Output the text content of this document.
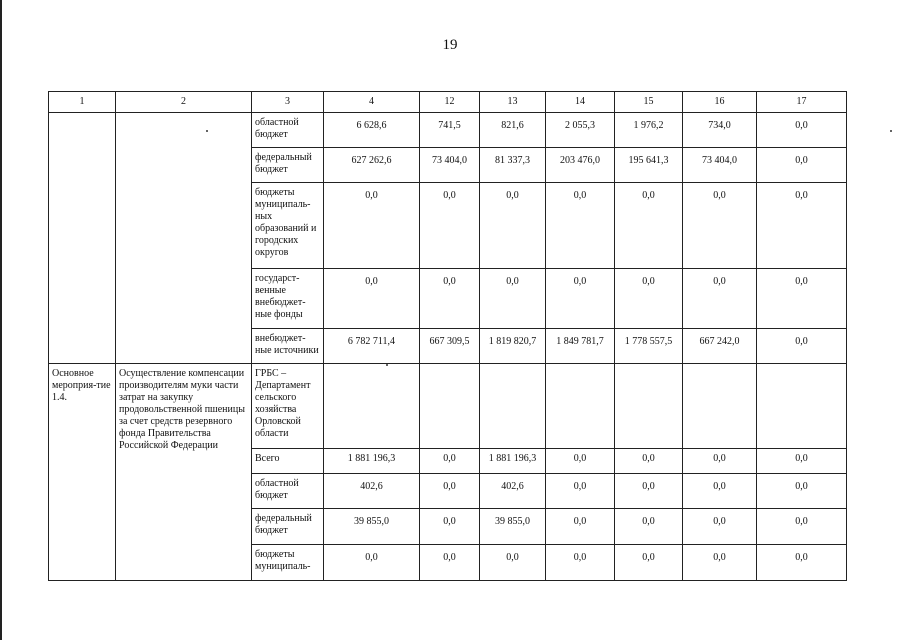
19
1	2	3	4	12	13	14	15	16	17
		областной бюджет	6 628,6	741,5	821,6	2 055,3	1 976,2	734,0	0,0
		федеральный бюджет	627 262,6	73 404,0	81 337,3	203 476,0	195 641,3	73 404,0	0,0
		бюджеты муниципаль-ных образований и городских округов	0,0	0,0	0,0	0,0	0,0	0,0	0,0
		государст-венные внебюджет-ные фонды	0,0	0,0	0,0	0,0	0,0	0,0	0,0
		внебюджет-ные источники	6 782 711,4	667 309,5	1 819 820,7	1 849 781,7	1 778 557,5	667 242,0	0,0
Основное мероприя-тие 1.4.	Осуществление компенсации производителям муки части затрат на закупку продовольственной пшеницы за счет средств резервного фонда Правительства Российской Федерации	ГРБС – Департамент сельского хозяйства Орловской области							
		Всего	1 881 196,3	0,0	1 881 196,3	0,0	0,0	0,0	0,0
		областной бюджет	402,6	0,0	402,6	0,0	0,0	0,0	0,0
		федеральный бюджет	39 855,0	0,0	39 855,0	0,0	0,0	0,0	0,0
		бюджеты муниципаль-	0,0	0,0	0,0	0,0	0,0	0,0	0,0
